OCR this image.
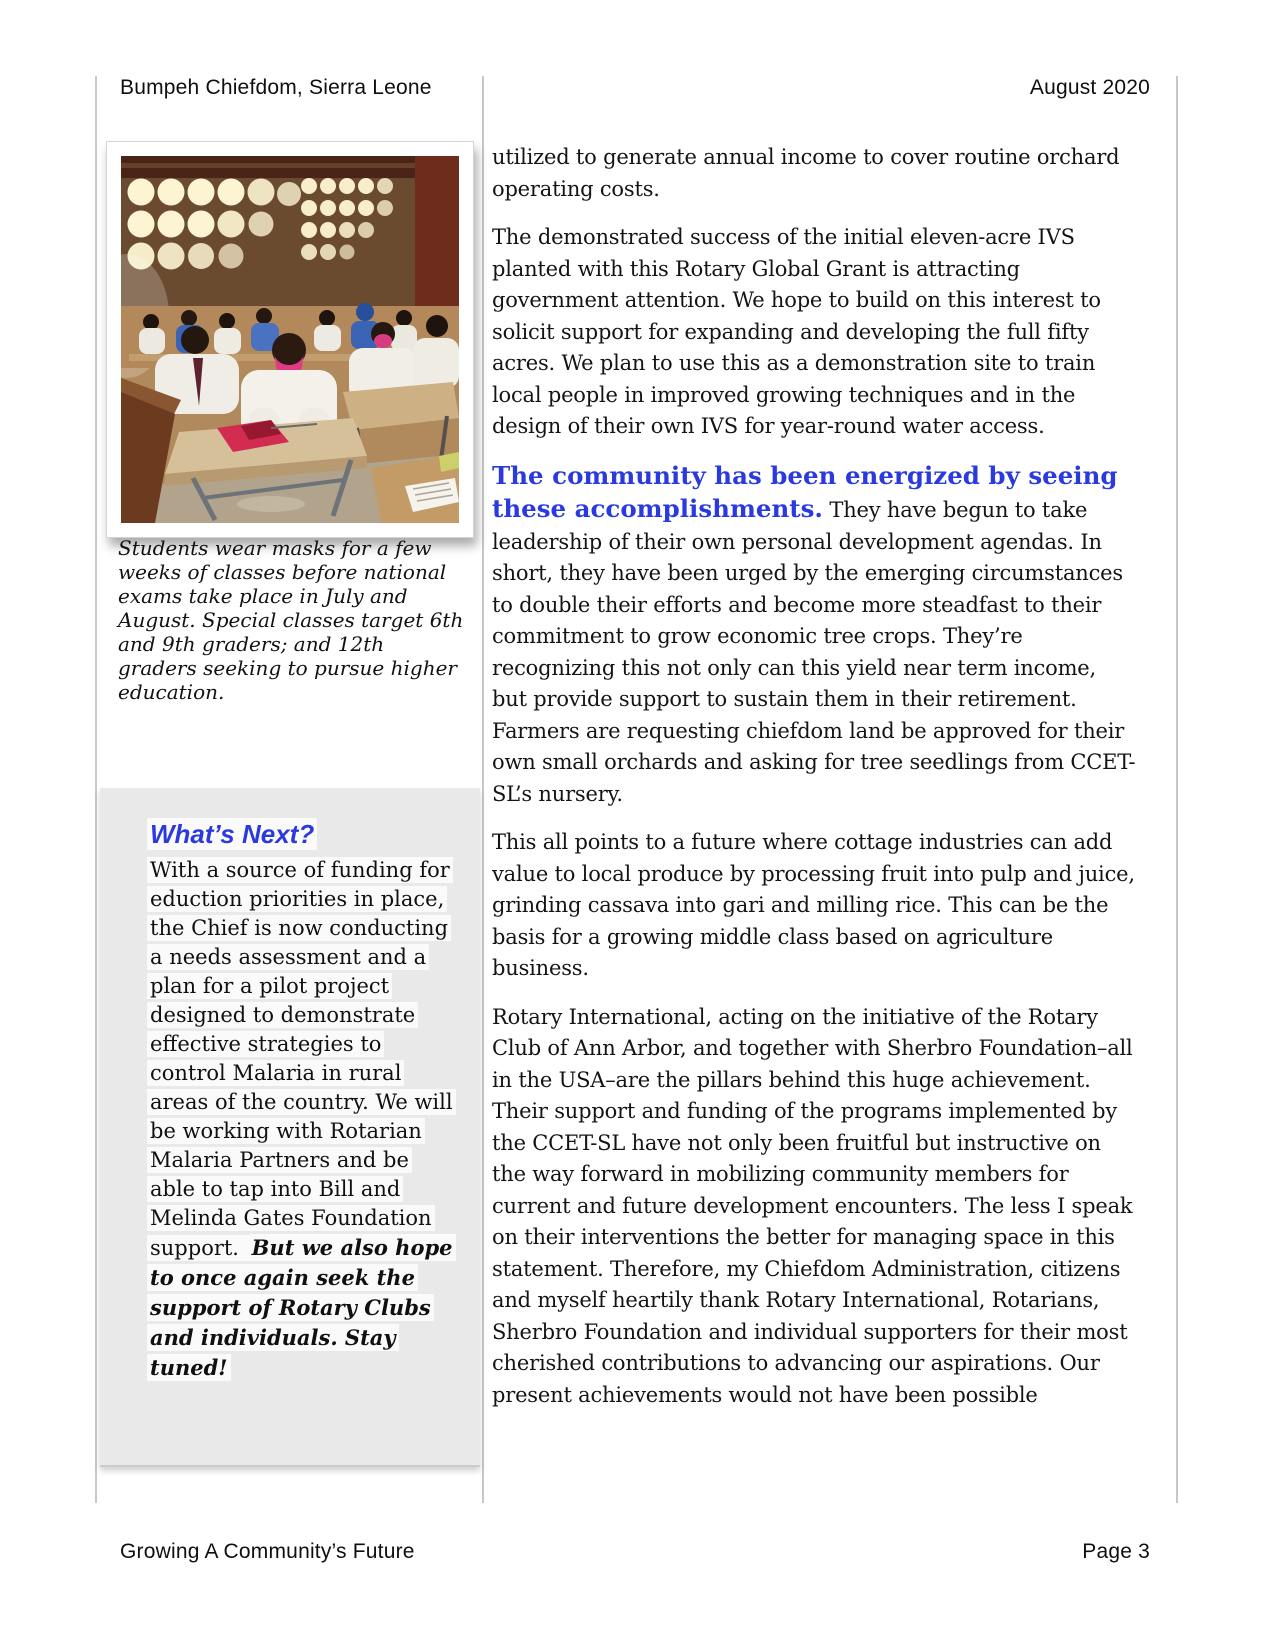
Bumpeh Chiefdom, Sierra Leone	August 2020
Students wear masks for a few weeks of classes before national exams take place in July and August. Special classes target 6th and 9th graders; and 12th graders seeking to pursue higher education.
What’s Next?

With a source of funding for eduction priorities in place, the Chief is now conducting a needs assessment and a plan for a pilot project designed to demonstrate effective strategies to control Malaria in rural areas of the country. We will be working with Rotarian Malaria Partners and be able to tap into Bill and Melinda Gates Foundation support. But we also hope to once again seek the support of Rotary Clubs and individuals. Stay tuned!

utilized to generate annual income to cover routine orchard operating costs.

The demonstrated success of the initial eleven-acre IVS planted with this Rotary Global Grant is attracting government attention. We hope to build on this interest to solicit support for expanding and developing the full fifty acres. We plan to use this as a demonstration site to train local people in improved growing techniques and in the design of their own IVS for year-round water access.

The community has been energized by seeing these accomplishments. They have begun to take leadership of their own personal development agendas. In short, they have been urged by the emerging circumstances to double their efforts and become more steadfast to their commitment to grow economic tree crops. They’re recognizing this not only can this yield near term income, but provide support to sustain them in their retirement. Farmers are requesting chiefdom land be approved for their own small orchards and asking for tree seedlings from CCET-SL’s nursery.

This all points to a future where cottage industries can add value to local produce by processing fruit into pulp and juice, grinding cassava into gari and milling rice. This can be the basis for a growing middle class based on agriculture business.

Rotary International, acting on the initiative of the Rotary Club of Ann Arbor, and together with Sherbro Foundation–all in the USA–are the pillars behind this huge achievement. Their support and funding of the programs implemented by the CCET-SL have not only been fruitful but instructive on the way forward in mobilizing community members for current and future development encounters. The less I speak on their interventions the better for managing space in this statement. Therefore, my Chiefdom Administration, citizens and myself heartily thank Rotary International, Rotarians, Sherbro Foundation and individual supporters for their most cherished contributions to advancing our aspirations. Our present achievements would not have been possible

Growing A Community’s Future	Page 3
